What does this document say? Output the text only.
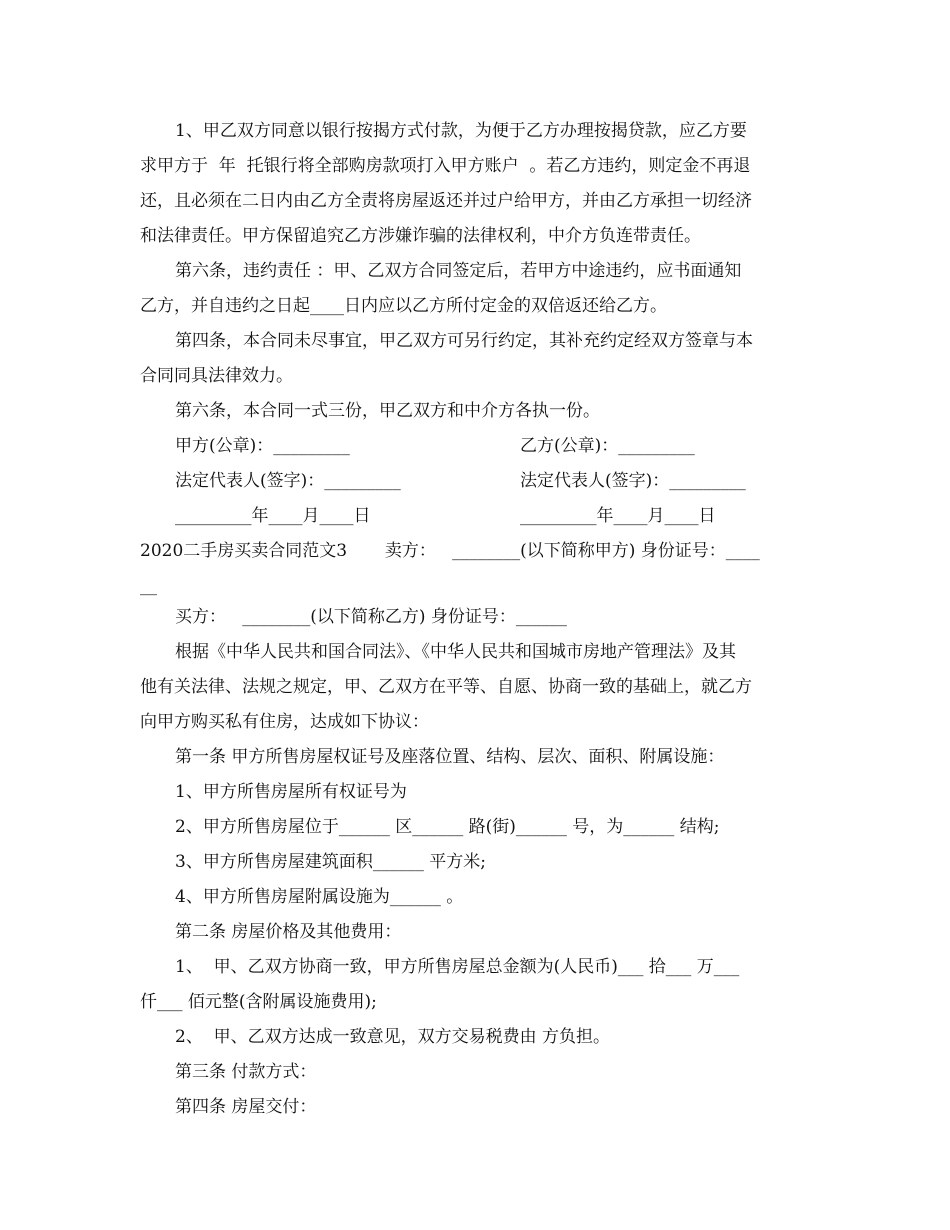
1、甲乙双方同意以银行按揭方式付款，为便于乙方办理按揭贷款，应乙方要
求甲方于  年  托银行将全部购房款项打入甲方账户  。若乙方违约，则定金不再退
还，且必须在二日内由乙方全责将房屋返还并过户给甲方，并由乙方承担一切经济
和法律责任。甲方保留追究乙方涉嫌诈骗的法律权利，中介方负连带责任。
第六条，违约责任 ：甲、乙双方合同签定后，若甲方中途违约，应书面通知
乙方，并自违约之日起____日内应以乙方所付定金的双倍返还给乙方。
第四条，本合同未尽事宜，甲乙双方可另行约定，其补充约定经双方签章与本
合同同具法律效力。
第六条，本合同一式三份，甲乙双方和中介方各执一份。
甲方(公章)：_________	乙方(公章)：_________
法定代表人(签字)：_________	法定代表人(签字)：_________
_________年____月____日	_________年____月____日
2020二手房买卖合同范文3       卖方：   ________(以下简称甲方) 身份证号：____
__
买方：   ________(以下简称乙方) 身份证号：______
根据《中华人民共和国合同法》、《中华人民共和国城市房地产管理法》及其
他有关法律、法规之规定，甲、乙双方在平等、自愿、协商一致的基础上，就乙方
向甲方购买私有住房，达成如下协议：
第一条 甲方所售房屋权证号及座落位置、结构、层次、面积、附属设施：
1、甲方所售房屋所有权证号为
2、甲方所售房屋位于______ 区______ 路(街)______ 号，为______ 结构;
3、甲方所售房屋建筑面积______ 平方米;
4、甲方所售房屋附属设施为______ 。
第二条 房屋价格及其他费用：
1、  甲、乙双方协商一致，甲方所售房屋总金额为(人民币)___ 拾___ 万___
仟___ 佰元整(含附属设施费用);
2、  甲、乙双方达成一致意见，双方交易税费由 方负担。
第三条 付款方式：
第四条 房屋交付：
